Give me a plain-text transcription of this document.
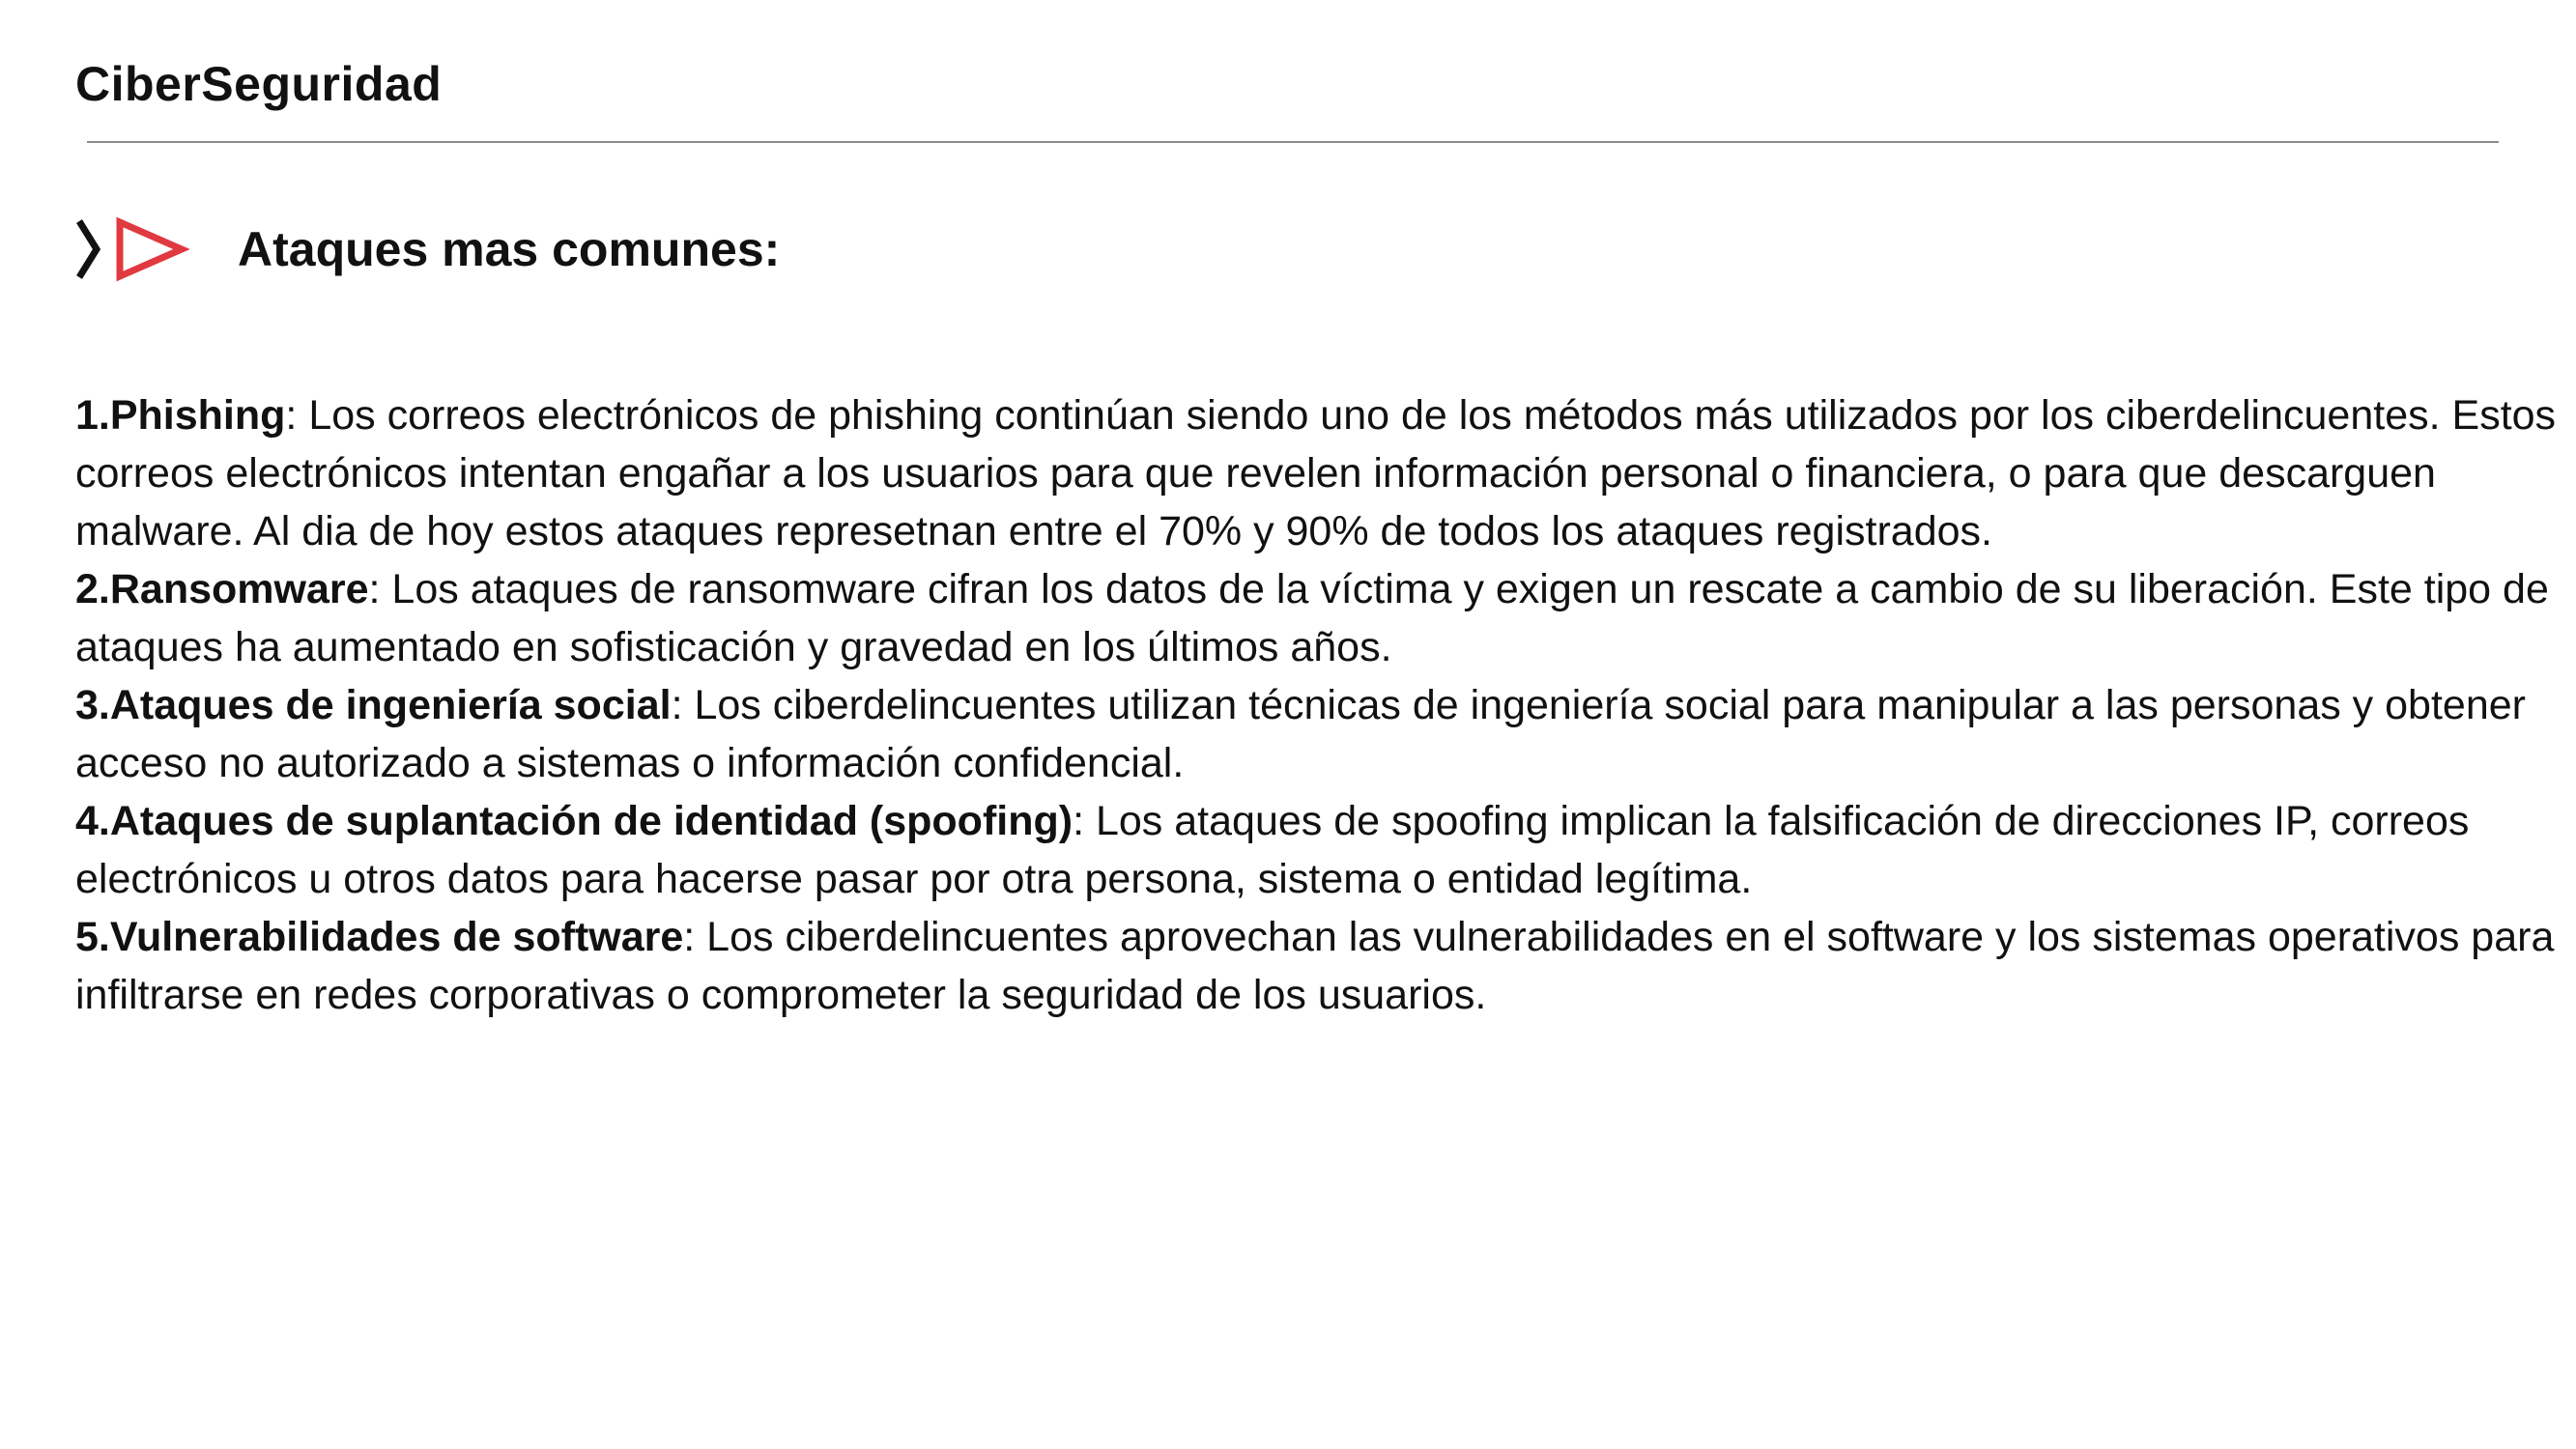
CiberSeguridad
Ataques mas comunes:

1.Phishing: Los correos electrónicos de phishing continúan siendo uno de los métodos más utilizados por los ciberdelincuentes. Estos correos electrónicos intentan engañar a los usuarios para que revelen información personal o financiera, o para que descarguen malware. Al dia de hoy estos ataques represetnan entre el 70% y 90% de todos los ataques registrados.

2.Ransomware: Los ataques de ransomware cifran los datos de la víctima y exigen un rescate a cambio de su liberación. Este tipo de ataques ha aumentado en sofisticación y gravedad en los últimos años.

3.Ataques de ingeniería social: Los ciberdelincuentes utilizan técnicas de ingeniería social para manipular a las personas y obtener acceso no autorizado a sistemas o información confidencial.

4.Ataques de suplantación de identidad (spoofing): Los ataques de spoofing implican la falsificación de direcciones IP, correos electrónicos u otros datos para hacerse pasar por otra persona, sistema o entidad legítima.

5.Vulnerabilidades de software: Los ciberdelincuentes aprovechan las vulnerabilidades en el software y los sistemas operativos para infiltrarse en redes corporativas o comprometer la seguridad de los usuarios.
